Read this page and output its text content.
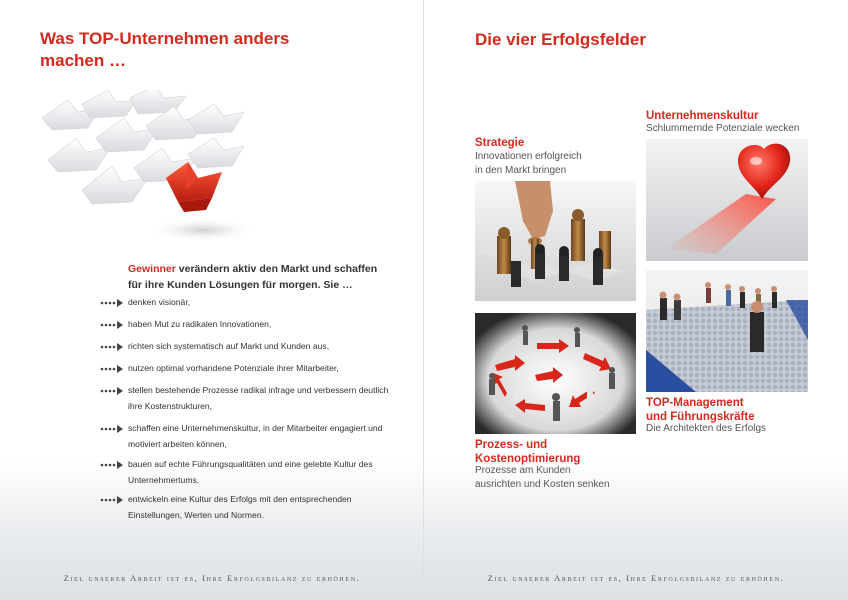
Was TOP-Unternehmen anders machen …
Gewinner verändern aktiv den Markt und schaffen für ihre Kunden Lösungen für morgen. Sie …
denken visionär,
haben Mut zu radikalen Innovationen,
richten sich systematisch auf Markt und Kunden aus,
nutzen optimal vorhandene Potenziale ihrer Mitarbeiter,
stellen bestehende Prozesse radikal infrage und verbessern deutlich ihre Kostenstrukturen,
schaffen eine Unternehmenskultur, in der Mitarbeiter engagiert und motiviert arbeiten können,
bauen auf echte Führungsqualitäten und eine gelebte Kultur des Unternehmertums,
entwickeln eine Kultur des Erfolgs mit den entsprechenden Einstellungen, Werten und Normen.
Ziel unserer Arbeit ist es, Ihre Erfolgsbilanz zu erhöhen.
Die vier Erfolgsfelder
Strategie
Innovationen erfolgreich
in den Markt bringen
Unternehmenskultur
Schlummernde Potenziale wecken
Prozess- und
Kostenoptimierung
Prozesse am Kunden
ausrichten und Kosten senken
TOP-Management
und Führungskräfte
Die Architekten des Erfolgs
Ziel unserer Arbeit ist es, Ihre Erfolgsbilanz zu erhöhen.
